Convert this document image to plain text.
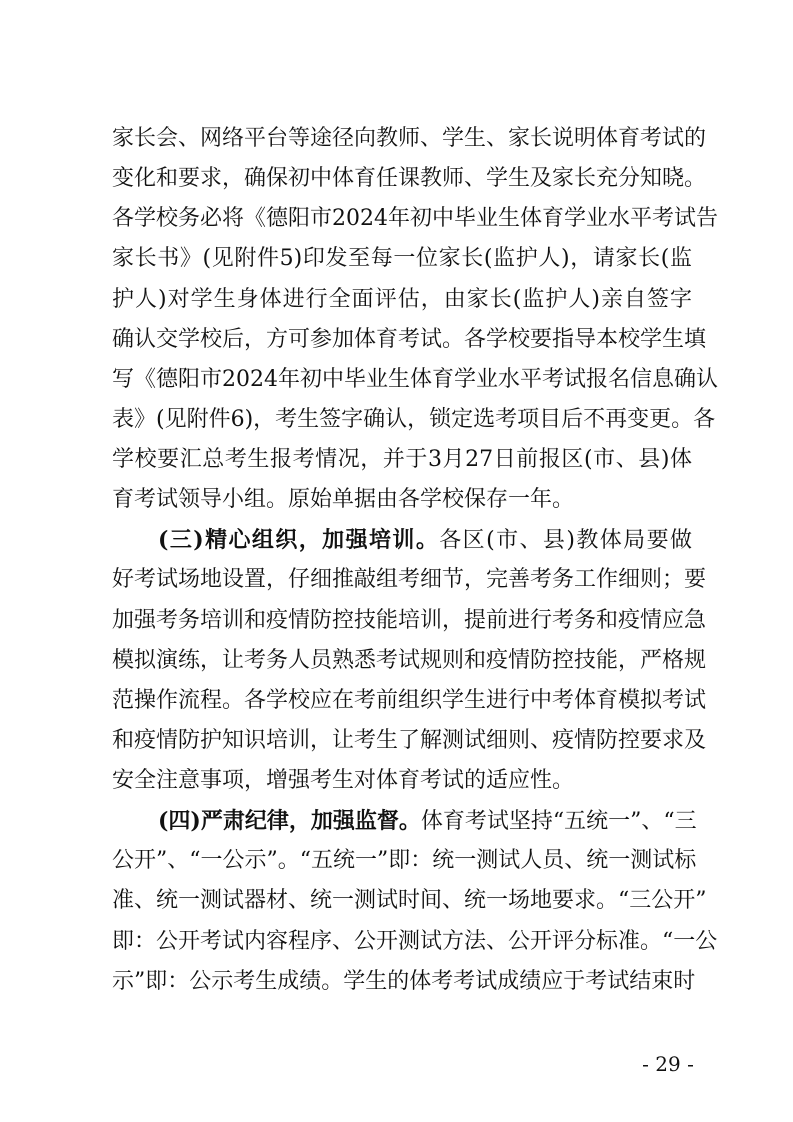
家长会、网络平台等途径向教师、学生、家长说明体育考试的
变化和要求，确保初中体育任课教师、学生及家长充分知晓。
各学校务必将《德阳市2024年初中毕业生体育学业水平考试告
家长书》(见附件5)印发至每一位家长(监护人)，请家长(监
护人)对学生身体进行全面评估，由家长(监护人)亲自签字
确认交学校后，方可参加体育考试。各学校要指导本校学生填
写《德阳市2024年初中毕业生体育学业水平考试报名信息确认
表》(见附件6)，考生签字确认，锁定选考项目后不再变更。各
学校要汇总考生报考情况，并于3月27日前报区(市、县)体
育考试领导小组。原始单据由各学校保存一年。
(三)精心组织，加强培训。各区(市、县)教体局要做
好考试场地设置，仔细推敲组考细节，完善考务工作细则；要
加强考务培训和疫情防控技能培训，提前进行考务和疫情应急
模拟演练，让考务人员熟悉考试规则和疫情防控技能，严格规
范操作流程。各学校应在考前组织学生进行中考体育模拟考试
和疫情防护知识培训，让考生了解测试细则、疫情防控要求及
安全注意事项，增强考生对体育考试的适应性。
(四)严肃纪律，加强监督。体育考试坚持“五统一”、“三
公开”、“一公示”。“五统一”即：统一测试人员、统一测试标
准、统一测试器材、统一测试时间、统一场地要求。“三公开”
即：公开考试内容程序、公开测试方法、公开评分标准。“一公
示”即：公示考生成绩。学生的体考考试成绩应于考试结束时
- 29 -
